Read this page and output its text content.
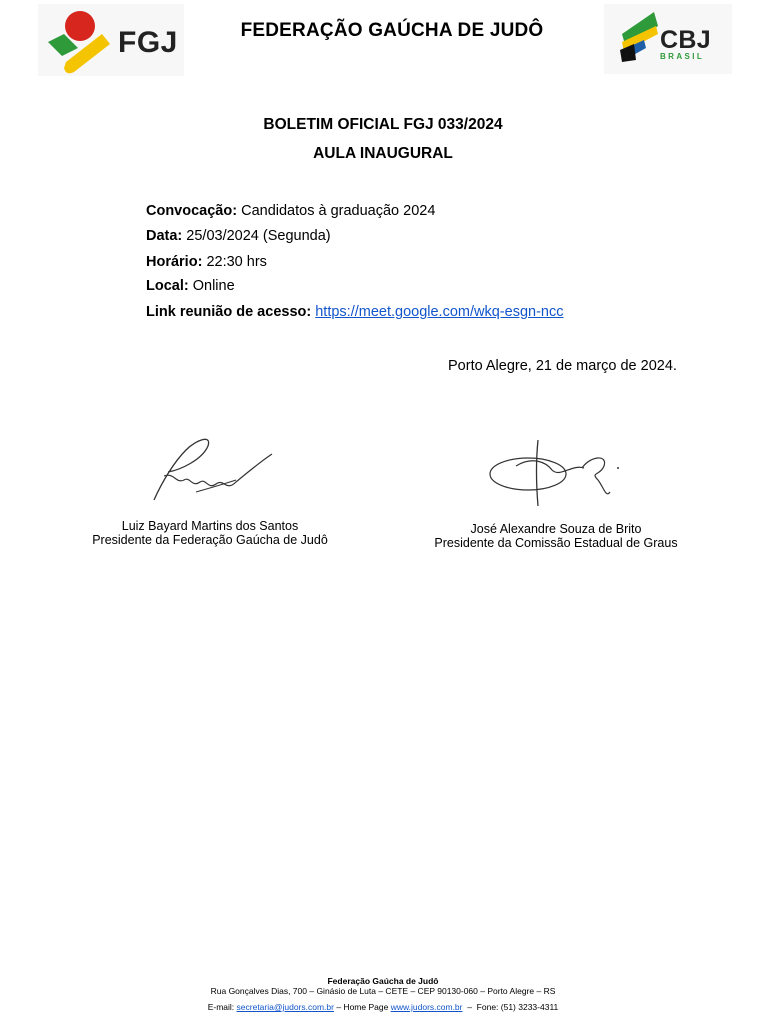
FGJ	FEDERAÇÃO GAÚCHA DE JUDÔ	CBJ
BRASIL
BOLETIM OFICIAL FGJ 033/2024
AULA INAUGURAL
Convocação: Candidatos à graduação 2024
Data: 25/03/2024 (Segunda)
Horário: 22:30 hrs
Local: Online
Link reunião de acesso: https://meet.google.com/wkq-esgn-ncc
Porto Alegre, 21 de março de 2024.
Luiz Bayard Martins dos Santos
Presidente da Federação Gaúcha de Judô
José Alexandre Souza de Brito
Presidente da Comissão Estadual de Graus
Federação Gaúcha de Judô
Rua Gonçalves Dias, 700 – Ginásio de Luta – CETE – CEP 90130-060 – Porto Alegre – RS
E-mail: secretaria@judors.com.br – Home Page www.judors.com.br  –  Fone: (51) 3233-4311
